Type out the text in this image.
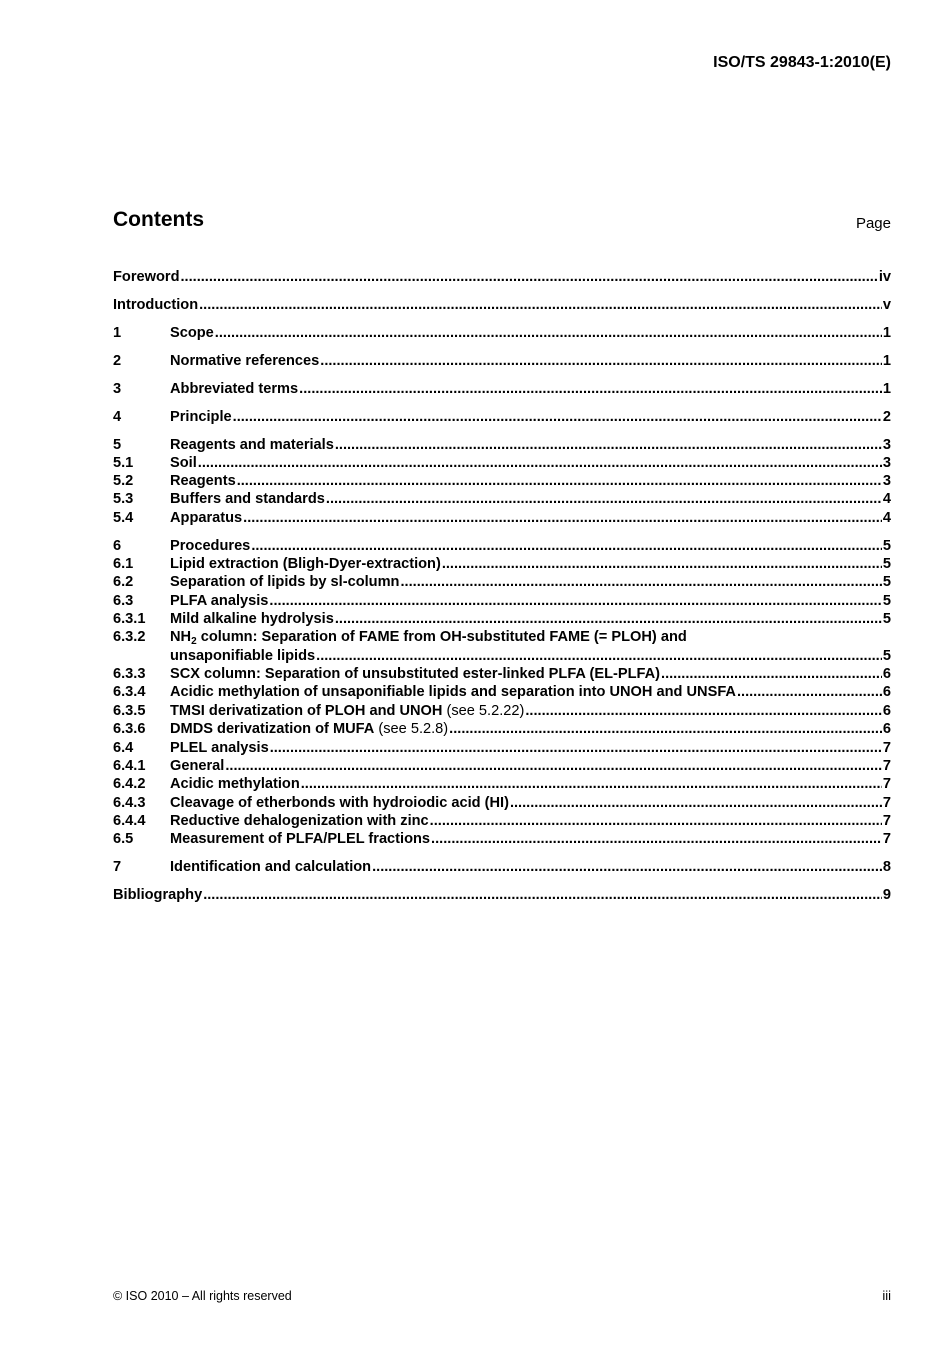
ISO/TS 29843-1:2010(E)
Contents	Page
Foreword .....	iv
Introduction .....	v
1	Scope .....	1
2	Normative references .....	1
3	Abbreviated terms .....	1
4	Principle .....	2
5	Reagents and materials .....	3
5.1	Soil .....	3
5.2	Reagents .....	3
5.3	Buffers and standards .....	4
5.4	Apparatus .....	4
6	Procedures .....	5
6.1	Lipid extraction (Bligh-Dyer-extraction) .....	5
6.2	Separation of lipids by sl-column .....	5
6.3	PLFA analysis .....	5
6.3.1	Mild alkaline hydrolysis .....	5
6.3.2	$NH_2$ column: Separation of FAME from OH-substituted FAME (= PLOH) and
unsaponifiable lipids .....	5
6.3.3	SCX column: Separation of unsubstituted ester-linked PLFA (EL-PLFA) .....	6
6.3.4	Acidic methylation of unsaponifiable lipids and separation into UNOH and UNSFA .....	6
6.3.5	TMSI derivatization of PLOH and UNOH (see 5.2.22) .....	6
6.3.6	DMDS derivatization of MUFA (see 5.2.8) .....	6
6.4	PLEL analysis .....	7
6.4.1	General .....	7
6.4.2	Acidic methylation .....	7
6.4.3	Cleavage of etherbonds with hydroiodic acid (HI) .....	7
6.4.4	Reductive dehalogenization with zinc .....	7
6.5	Measurement of PLFA/PLEL fractions .....	7
7	Identification and calculation .....	8
Bibliography .....	9
© ISO 2010 – All rights reserved	iii
